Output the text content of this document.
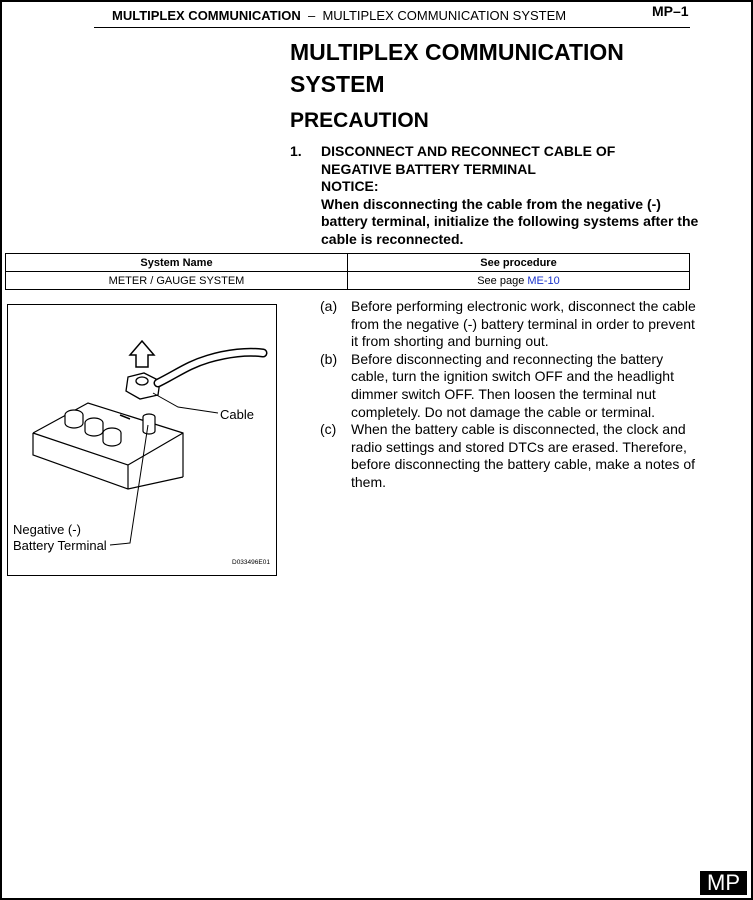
MULTIPLEX COMMUNICATION – MULTIPLEX COMMUNICATION SYSTEM	MP–1
MULTIPLEX COMMUNICATION
SYSTEM
PRECAUTION
1. DISCONNECT AND RECONNECT CABLE OF
NEGATIVE BATTERY TERMINAL
NOTICE:
When disconnecting the cable from the negative (-) battery terminal, initialize the following systems after the cable is reconnected.
System Name	See procedure
METER / GAUGE SYSTEM	See page ME-10
Cable
Negative (-)
Battery Terminal
D033496E01
(a) Before performing electronic work, disconnect the cable from the negative (-) battery terminal in order to prevent it from shorting and burning out.
(b) Before disconnecting and reconnecting the battery cable, turn the ignition switch OFF and the headlight dimmer switch OFF. Then loosen the terminal nut completely. Do not damage the cable or terminal.
(c) When the battery cable is disconnected, the clock and radio settings and stored DTCs are erased. Therefore, before disconnecting the battery cable, make a notes of them.
MP
